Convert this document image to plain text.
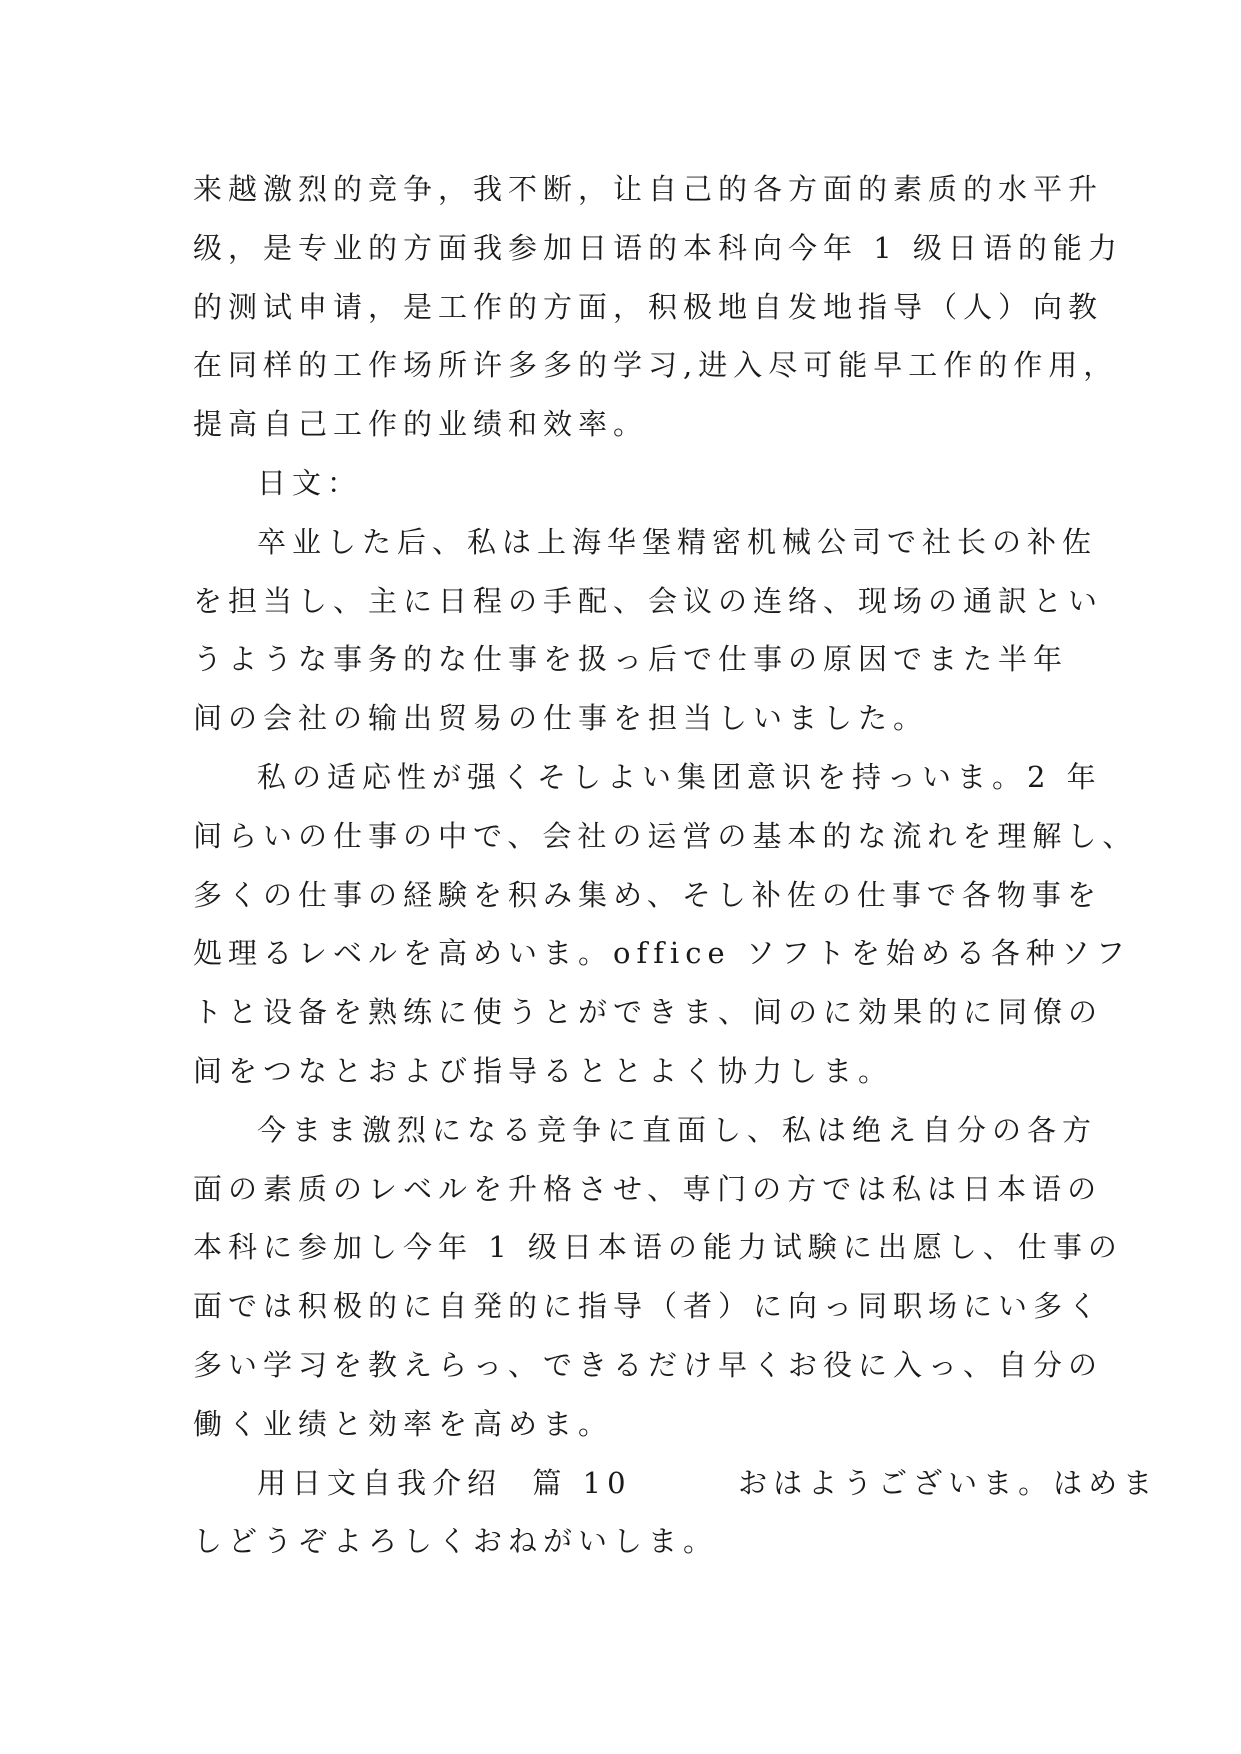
来越激烈的竞争，我不断，让自己的各方面的素质的水平升
级，是专业的方面我参加日语的本科向今年 1 级日语的能力
的测试申请，是工作的方面，积极地自发地指导（人）向教
在同样的工作场所许多多的学习,进入尽可能早工作的作用，
提高自己工作的业绩和效率。
日文：
卒业した后、私は上海华堡精密机械公司で社长の补佐
を担当し、主に日程の手配、会议の连络、现场の通訳とい
うような事务的な仕事を扱っ后で仕事の原因でまた半年
间の会社の输出贸易の仕事を担当しいました。
私の适応性が强くそしよい集团意识を持っいま。2 年
间らいの仕事の中で、会社の运営の基本的な流れを理解し、
多くの仕事の経験を积み集め、そし补佐の仕事で各物事を
処理るレベルを高めいま。office ソフトを始める各种ソフ
トと设备を熟练に使うとができま、间のに効果的に同僚の
间をつなとおよび指导るととよく协力しま。
今まま激烈になる竞争に直面し、私は绝え自分の各方
面の素质のレベルを升格させ、専门の方では私は日本语の
本科に参加し今年 1 级日本语の能力试験に出愿し、仕事の
面では积极的に自発的に指导（者）に向っ同职场にい多く
多い学习を教えらっ、できるだけ早くお役に入っ、自分の
働く业绩と効率を高めま。
用日文自我介绍  篇 10       おはようございま。はめま
しどうぞよろしくおねがいしま。
